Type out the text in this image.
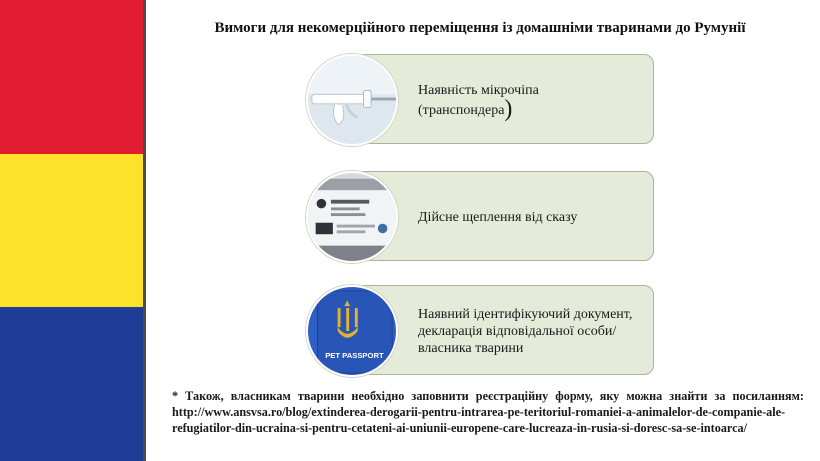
Вимоги для некомерційного переміщення із домашніми тваринами до Румунії
Наявність мікрочіпа
(транспондера)
Дійсне щеплення від сказу
PET PASSPORT
Наявний ідентифікуючий документ, декларація відповідальної особи/власника тварини
* Також, власникам тварини необхідно заповнити реєстраційну форму, яку можна знайти за посиланням: http://www.ansvsa.ro/blog/extinderea-derogarii-pentru-intrarea-pe-teritoriul-romaniei-a-animalelor-de-companie-ale-refugiatilor-din-ucraina-si-pentru-cetateni-ai-uniunii-europene-care-lucreaza-in-rusia-si-doresc-sa-se-intoarca/
